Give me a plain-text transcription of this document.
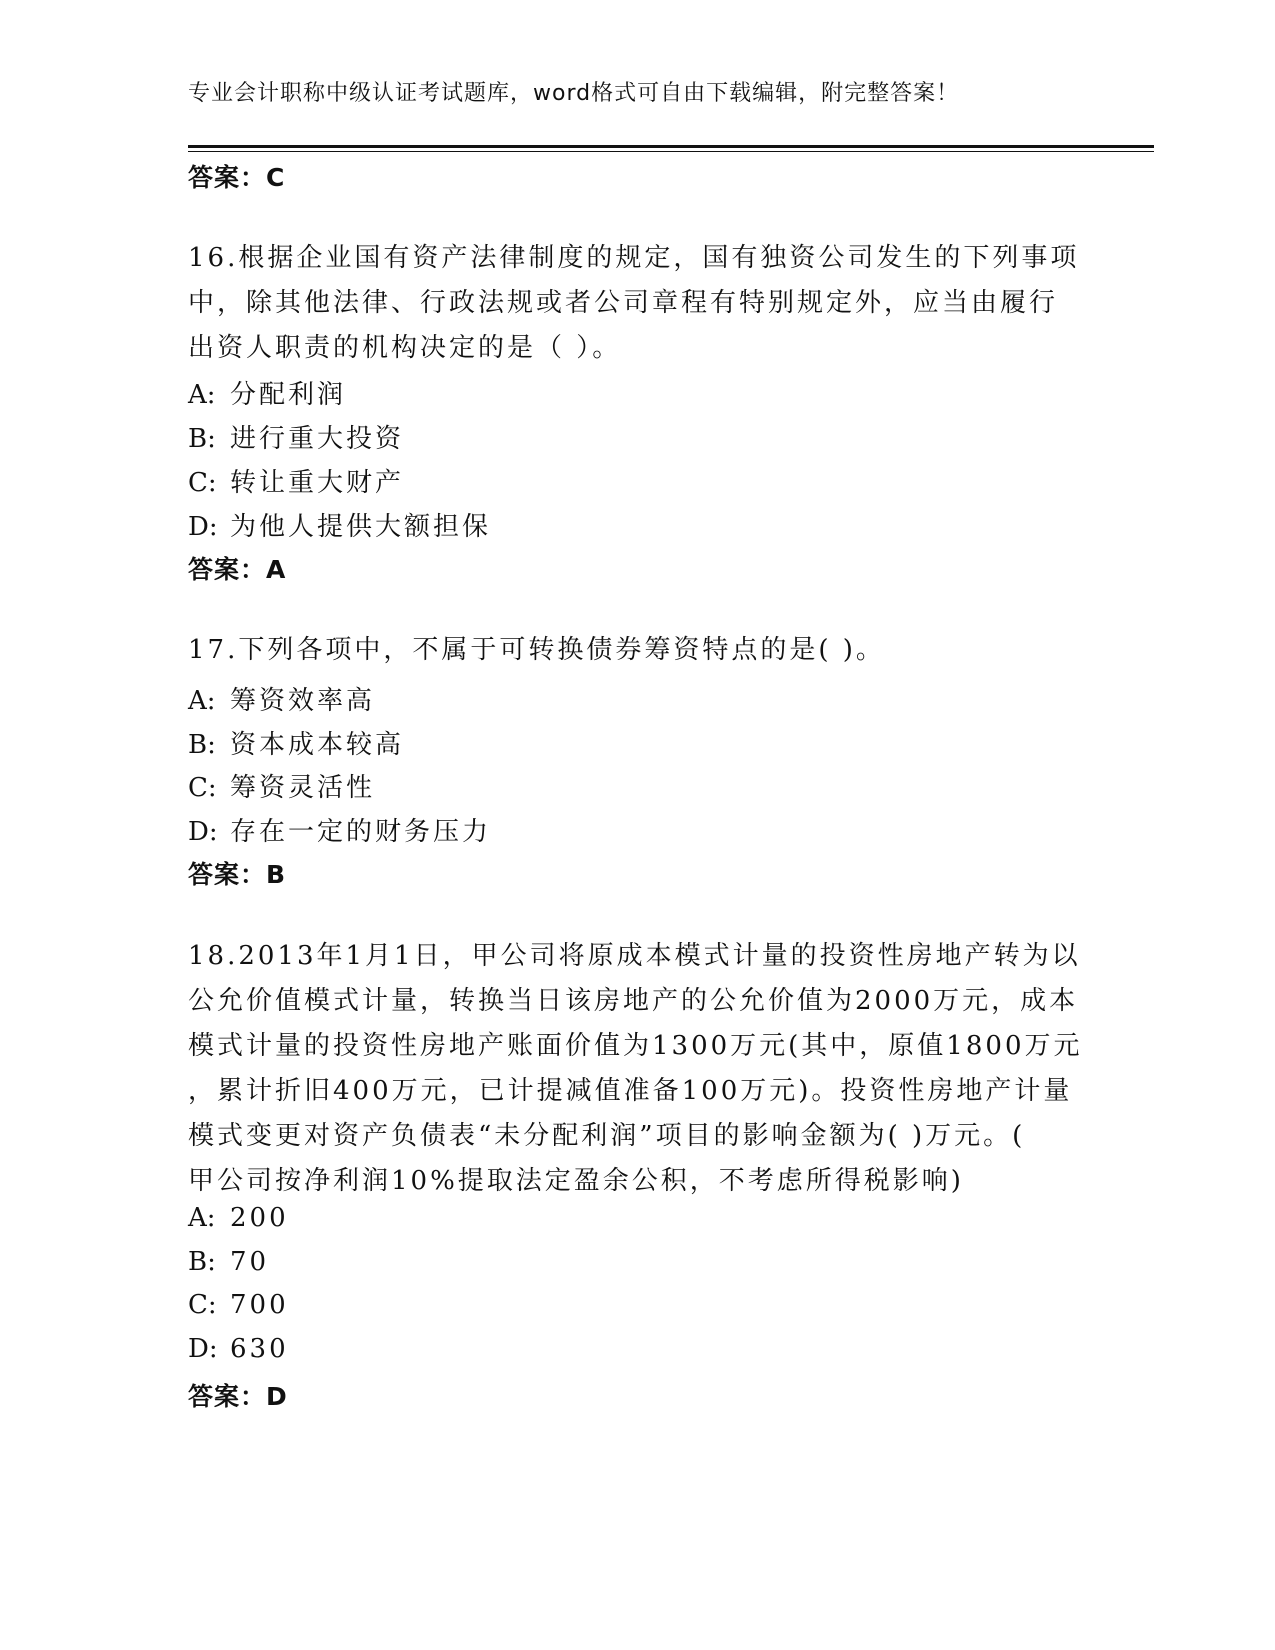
专业会计职称中级认证考试题库，word格式可自由下载编辑，附完整答案！
答案：C
16.根据企业国有资产法律制度的规定，国有独资公司发生的下列事项
中，除其他法律、行政法规或者公司章程有特别规定外，应当由履行
出资人职责的机构决定的是（ ）。
A: 分配利润
B: 进行重大投资
C: 转让重大财产
D: 为他人提供大额担保
答案：A
17.下列各项中，不属于可转换债券筹资特点的是( )。
A: 筹资效率高
B: 资本成本较高
C: 筹资灵活性
D: 存在一定的财务压力
答案：B
18.2013年1月1日，甲公司将原成本模式计量的投资性房地产转为以
公允价值模式计量，转换当日该房地产的公允价值为2000万元，成本
模式计量的投资性房地产账面价值为1300万元(其中，原值1800万元
，累计折旧400万元，已计提减值准备100万元)。投资性房地产计量
模式变更对资产负债表“未分配利润”项目的影响金额为( )万元。(
甲公司按净利润10%提取法定盈余公积，不考虑所得税影响)
A: 200
B: 70
C: 700
D: 630
答案：D
